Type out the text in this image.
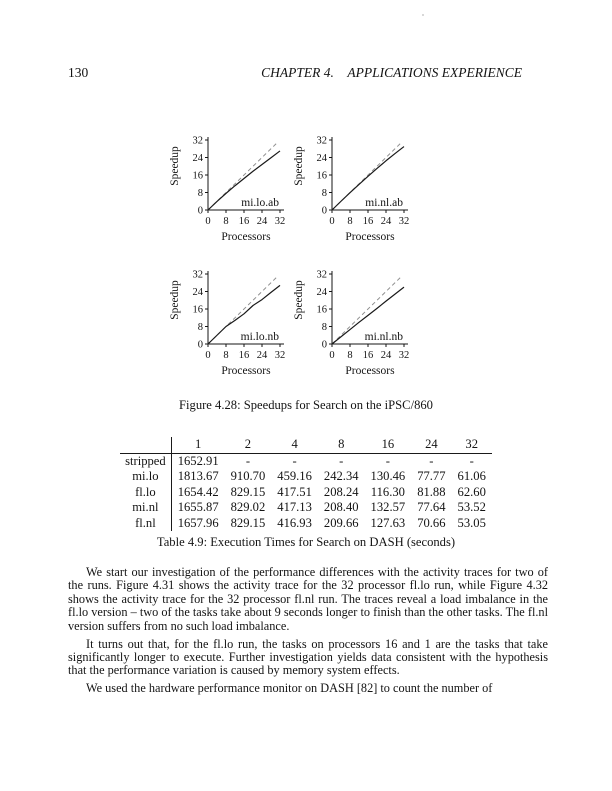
130	CHAPTER 4.  APPLICATIONS EXPERIENCE
0 8 16 24 32
0
8
16
24
32
Speedup
Processors
mi.lo.ab
0 8 16 24 32
0
8
16
24
32
Speedup
Processors
mi.nl.ab
0 8 16 24 32
0
8
16
24
32
Speedup
Processors
mi.lo.nb
0 8 16 24 32
0
8
16
24
32
Speedup
Processors
mi.nl.nb
Figure 4.28: Speedups for Search on the iPSC/860
	1	2	4	8	16	24	32
stripped	1652.91	-	-	-	-	-	-
mi.lo	1813.67	910.70	459.16	242.34	130.46	77.77	61.06
fl.lo	1654.42	829.15	417.51	208.24	116.30	81.88	62.60
mi.nl	1655.87	829.02	417.13	208.40	132.57	77.64	53.52
fl.nl	1657.96	829.15	416.93	209.66	127.63	70.66	53.05
Table 4.9: Execution Times for Search on DASH (seconds)

We start our investigation of the performance differences with the activity traces for two of the runs. Figure 4.31 shows the activity trace for the 32 processor fl.lo run, while Figure 4.32 shows the activity trace for the 32 processor fl.nl run. The traces reveal a load imbalance in the fl.lo version – two of the tasks take about 9 seconds longer to finish than the other tasks. The fl.nl version suffers from no such load imbalance.

It turns out that, for the fl.lo run, the tasks on processors 16 and 1 are the tasks that take significantly longer to execute. Further investigation yields data consistent with the hypothesis that the performance variation is caused by memory system effects.

We used the hardware performance monitor on DASH [82] to count the number of
